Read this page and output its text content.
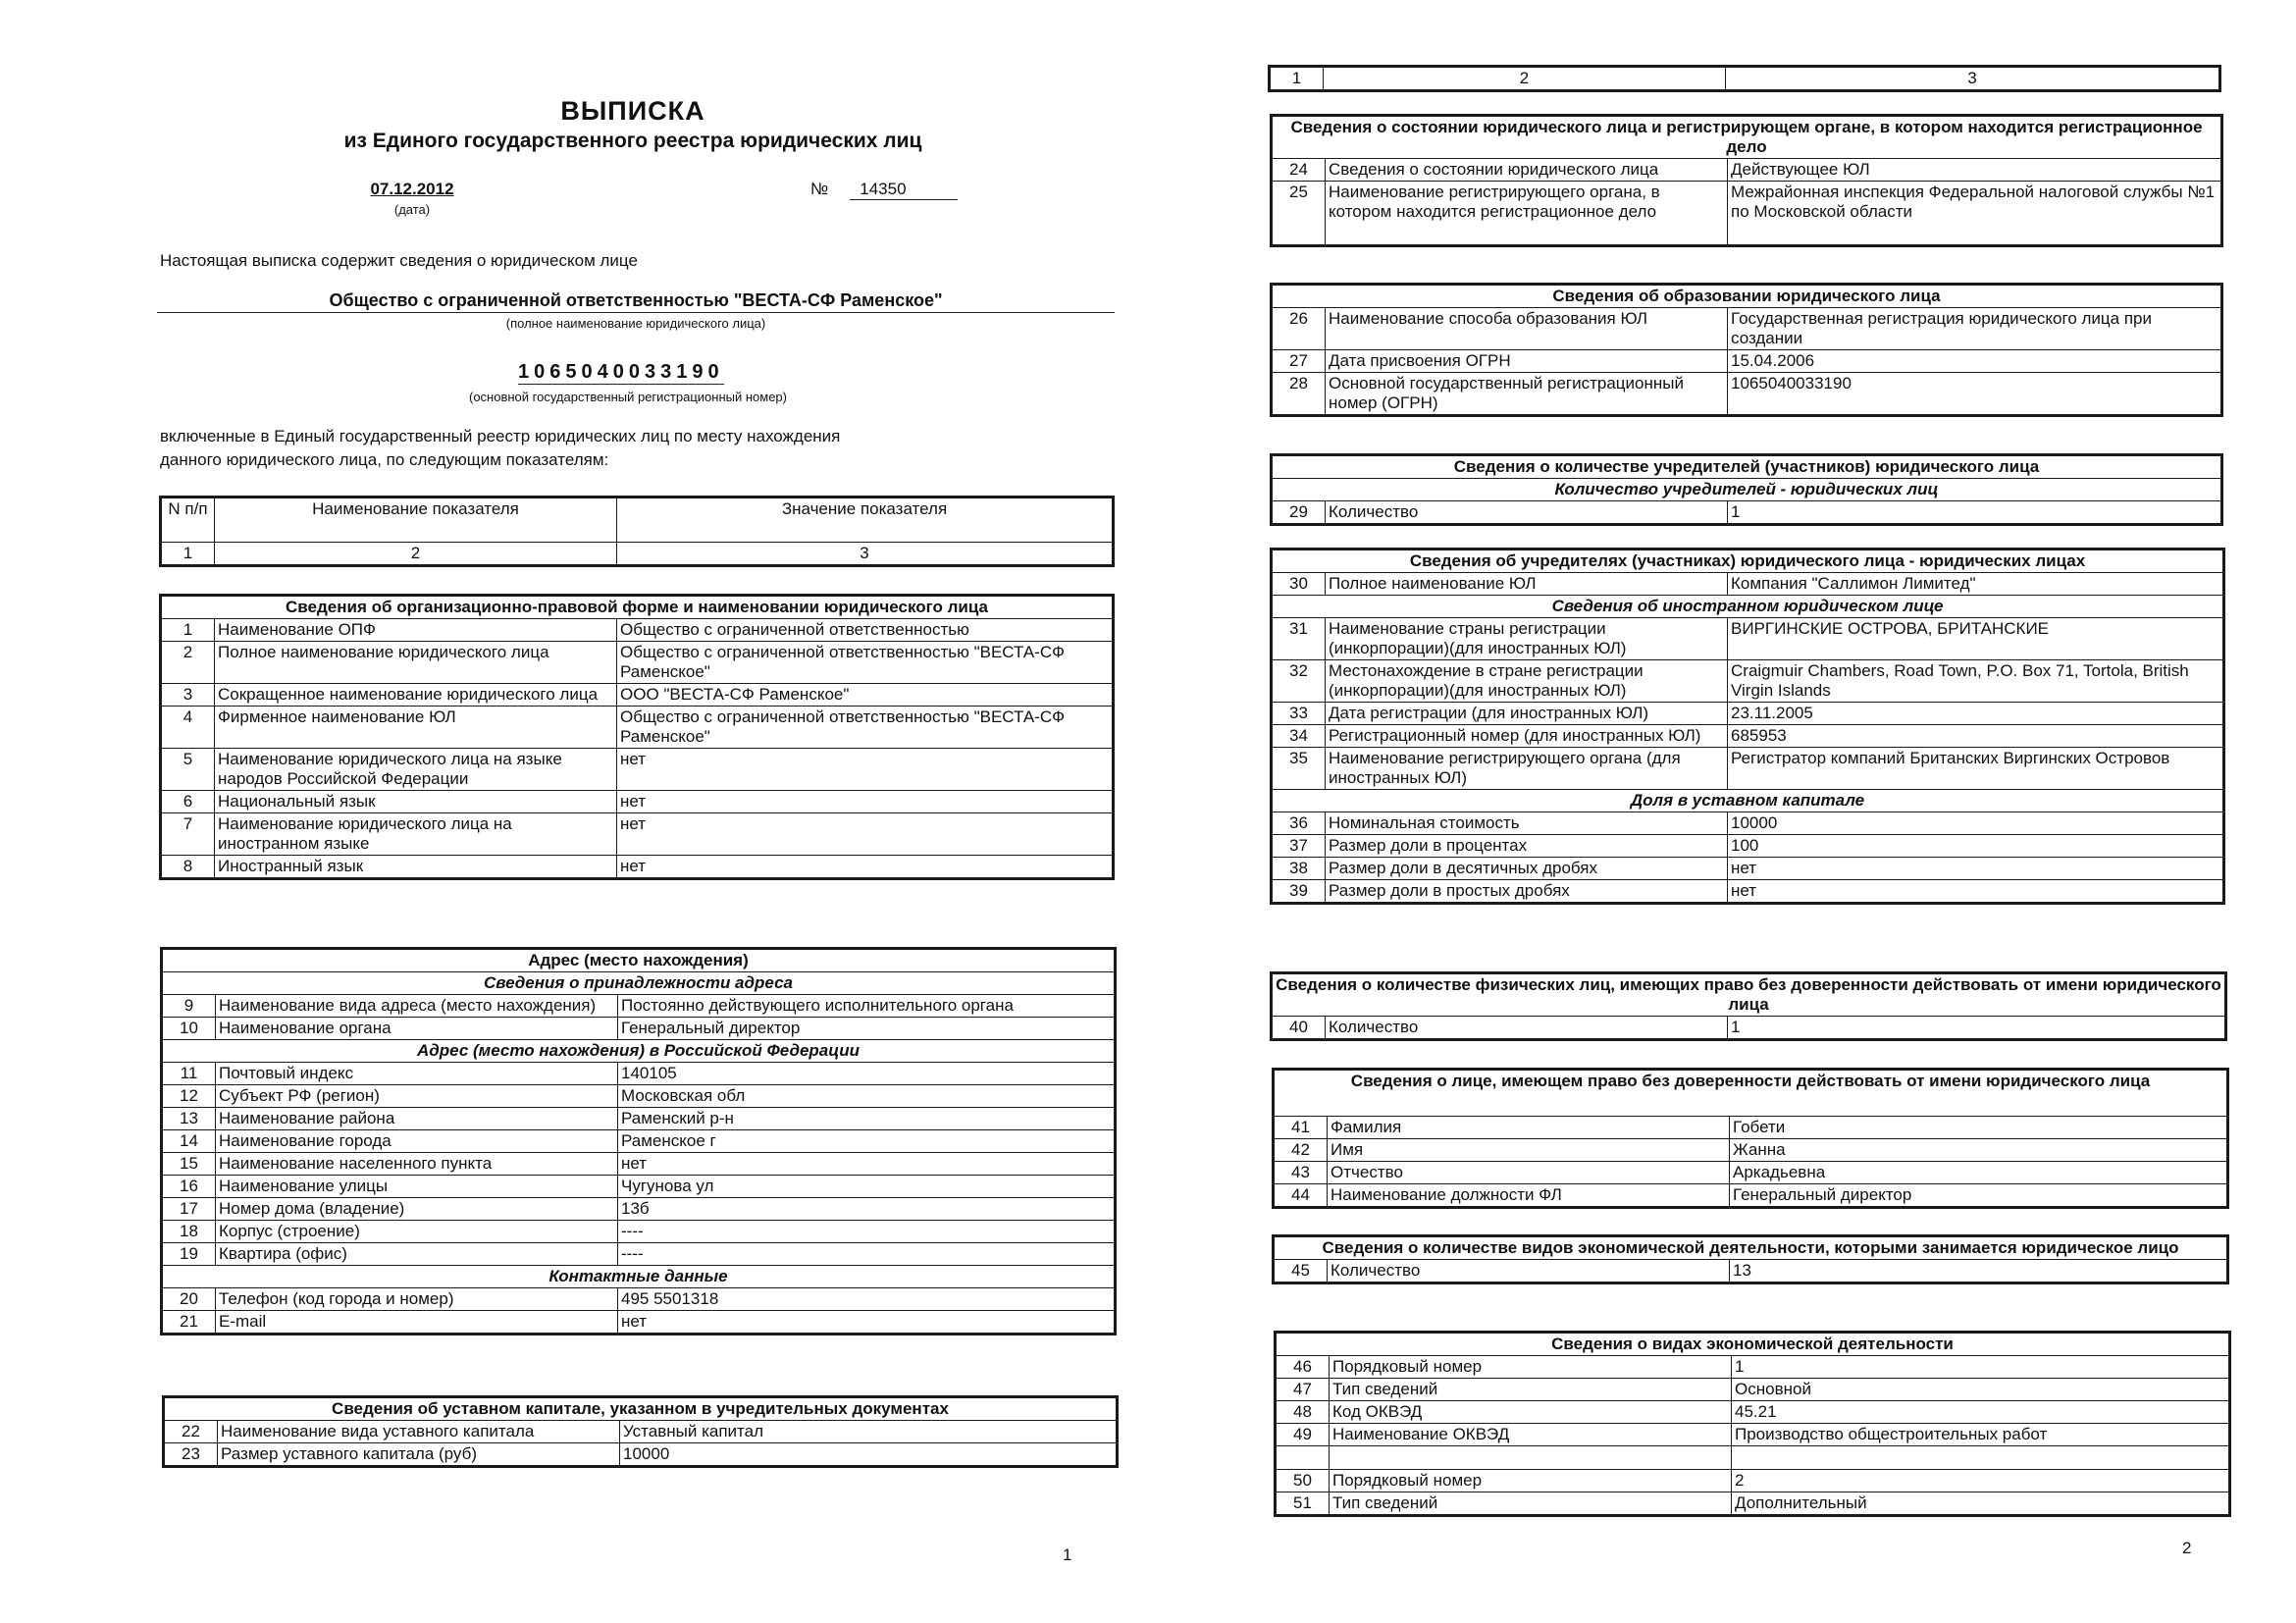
ВЫПИСКА
из Единого государственного реестра юридических лиц
07.12.2012
(дата)
№ 14350
Настоящая выписка содержит сведения о юридическом лице
Общество с ограниченной ответственностью "ВЕСТА-СФ Раменское"
(полное наименование юридического лица)
1065040033190
(основной государственный регистрационный номер)
включенные в Единый государственный реестр юридических лиц по месту нахождения данного юридического лица, по следующим показателям:
N п/п	Наименование показателя	Значение показателя
1	2	3
Сведения об организационно-правовой форме и наименовании юридического лица		
1	Наименование ОПФ	Общество с ограниченной ответственностью
2	Полное наименование юридического лица	Общество с ограниченной ответственностью "ВЕСТА-СФ Раменское"
3	Сокращенное наименование юридического лица	ООО "ВЕСТА-СФ Раменское"
4	Фирменное наименование ЮЛ	Общество с ограниченной ответственностью "ВЕСТА-СФ Раменское"
5	Наименование юридического лица на языке народов Российской Федерации	нет
6	Национальный язык	нет
7	Наименование юридического лица на иностранном языке	нет
8	Иностранный язык	нет
Адрес (место нахождения)		
Сведения о принадлежности адреса		
9	Наименование вида адреса (место нахождения)	Постоянно действующего исполнительного органа
10	Наименование органа	Генеральный директор
Адрес (место нахождения) в Российской Федерации		
11	Почтовый индекс	140105
12	Субъект РФ (регион)	Московская обл
13	Наименование района	Раменский р-н
14	Наименование города	Раменское г
15	Наименование населенного пункта	нет
16	Наименование улицы	Чугунова ул
17	Номер дома (владение)	13б
18	Корпус (строение)	----
19	Квартира (офис)	----
Контактные данные		
20	Телефон (код города и номер)	495 5501318
21	E-mail	нет
Сведения об уставном капитале, указанном в учредительных документах		
22	Наименование вида уставного капитала	Уставный капитал
23	Размер уставного капитала (руб)	10000
1
1	2	3
Сведения о состоянии юридического лица и регистрирующем органе, в котором находится регистрационное дело		
24	Сведения о состоянии юридического лица	Действующее ЮЛ
25	Наименование регистрирующего органа, в котором находится регистрационное дело	Межрайонная инспекция Федеральной налоговой службы №1 по Московской области
Сведения об образовании юридического лица		
26	Наименование способа образования ЮЛ	Государственная регистрация юридического лица при создании
27	Дата присвоения ОГРН	15.04.2006
28	Основной государственный регистрационный номер (ОГРН)	1065040033190
Сведения о количестве учредителей (участников) юридического лица
Количество учредителей - юридических лиц
29	Количество	1
Сведения об учредителях (участниках) юридического лица - юридических лицах		
30	Полное наименование ЮЛ	Компания "Саллимон Лимитед"
Сведения об иностранном юридическом лице		
31	Наименование страны регистрации (инкорпорации)(для иностранных ЮЛ)	ВИРГИНСКИЕ ОСТРОВА, БРИТАНСКИЕ
32	Местонахождение в стране регистрации (инкорпорации)(для иностранных ЮЛ)	Craigmuir Chambers, Road Town, P.O. Box 71, Tortola, British Virgin Islands
33	Дата регистрации (для иностранных ЮЛ)	23.11.2005
34	Регистрационный номер (для иностранных ЮЛ)	685953
35	Наименование регистрирующего органа (для иностранных ЮЛ)	Регистратор компаний Британских Виргинских Островов
Доля в уставном капитале		
36	Номинальная стоимость	10000
37	Размер доли в процентах	100
38	Размер доли в десятичных дробях	нет
39	Размер доли в простых дробях	нет
Сведения о количестве физических лиц, имеющих право без доверенности действовать от имени юридического лица
40	Количество	1
Сведения о лице, имеющем право без доверенности действовать от имени юридического лица		
41	Фамилия	Гобети
42	Имя	Жанна
43	Отчество	Аркадьевна
44	Наименование должности ФЛ	Генеральный директор
Сведения о количестве видов экономической деятельности, которыми занимается юридическое лицо
45	Количество	13
Сведения о видах экономической деятельности		
46	Порядковый номер	1
47	Тип сведений	Основной
48	Код ОКВЭД	45.21
49	Наименование ОКВЭД	Производство общестроительных работ

50	Порядковый номер	2
51	Тип сведений	Дополнительный
2
